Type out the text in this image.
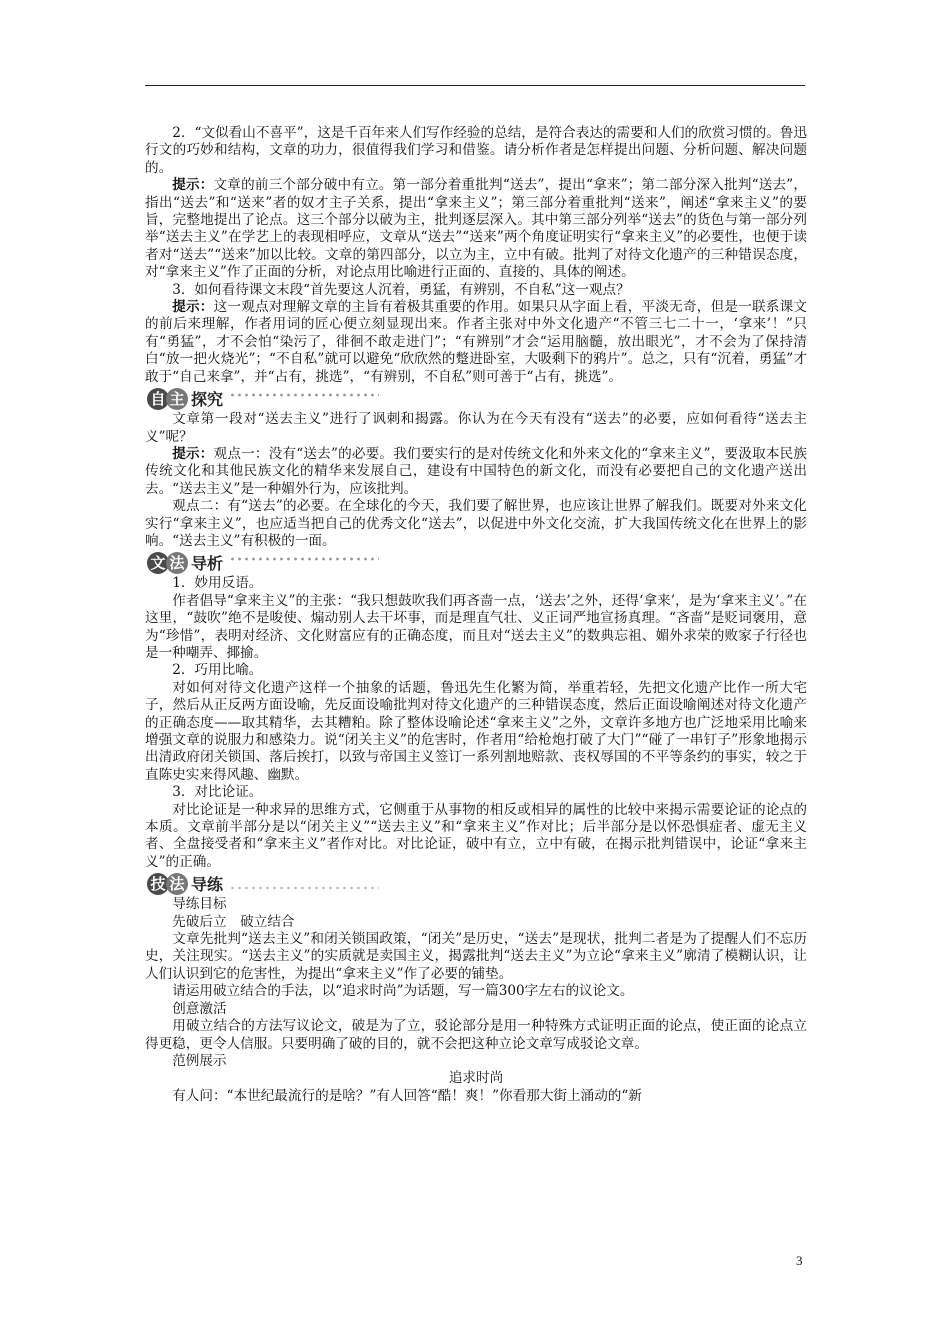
2．“文似看山不喜平”，这是千百年来人们写作经验的总结，是符合表达的需要和人们的欣赏习惯的。鲁迅行文的巧妙和结构，文章的功力，很值得我们学习和借鉴。请分析作者是怎样提出问题、分析问题、解决问题的。

提示：文章的前三个部分破中有立。第一部分着重批判“送去”，提出“拿来”；第二部分深入批判“送去”，指出“送去”和“送来”者的奴才主子关系，提出“拿来主义”；第三部分着重批判“送来”，阐述“拿来主义”的要旨，完整地提出了论点。这三个部分以破为主，批判逐层深入。其中第三部分列举“送去”的货色与第一部分列举“送去主义”在学艺上的表现相呼应，文章从“送去”“送来”两个角度证明实行“拿来主义”的必要性，也便于读者对“送去”“送来”加以比较。文章的第四部分，以立为主，立中有破。批判了对待文化遗产的三种错误态度，对“拿来主义”作了正面的分析，对论点用比喻进行正面的、直接的、具体的阐述。

3．如何看待课文末段“首先要这人沉着，勇猛，有辨别，不自私”这一观点？

提示：这一观点对理解文章的主旨有着极其重要的作用。如果只从字面上看，平淡无奇，但是一联系课文的前后来理解，作者用词的匠心便立刻显现出来。作者主张对中外文化遗产“不管三七二十一，‘拿来’！”只有“勇猛”，才不会怕“染污了，徘徊不敢走进门”；“有辨别”才会“运用脑髓，放出眼光”，才不会为了保持清白“放一把火烧光”；“不自私”就可以避免“欣欣然的蹩进卧室，大吸剩下的鸦片”。总之，只有“沉着，勇猛”才敢于“自己来拿”，并“占有，挑选”，“有辨别，不自私”则可善于“占有，挑选”。

自 主 探究

文章第一段对“送去主义”进行了讽刺和揭露。你认为在今天有没有“送去”的必要，应如何看待“送去主义”呢？

提示：观点一：没有“送去”的必要。我们要实行的是对传统文化和外来文化的“拿来主义”，要汲取本民族传统文化和其他民族文化的精华来发展自己，建设有中国特色的新文化，而没有必要把自己的文化遗产送出去。“送去主义”是一种媚外行为，应该批判。

观点二：有“送去”的必要。在全球化的今天，我们要了解世界，也应该让世界了解我们。既要对外来文化实行“拿来主义”，也应适当把自己的优秀文化“送去”，以促进中外文化交流，扩大我国传统文化在世界上的影响。“送去主义”有积极的一面。

文 法 导析

1．妙用反语。

作者倡导“拿来主义”的主张：“我只想鼓吹我们再吝啬一点，‘送去’之外，还得‘拿来’，是为‘拿来主义’。”在这里，“鼓吹”绝不是唆使、煽动别人去干坏事，而是理直气壮、义正词严地宣扬真理。“吝啬”是贬词褒用，意为“珍惜”，表明对经济、文化财富应有的正确态度，而且对“送去主义”的数典忘祖、媚外求荣的败家子行径也是一种嘲弄、揶揄。

2．巧用比喻。

对如何对待文化遗产这样一个抽象的话题，鲁迅先生化繁为简，举重若轻，先把文化遗产比作一所大宅子，然后从正反两方面设喻，先反面设喻批判对待文化遗产的三种错误态度，然后正面设喻阐述对待文化遗产的正确态度——取其精华，去其糟粕。除了整体设喻论述“拿来主义”之外，文章许多地方也广泛地采用比喻来增强文章的说服力和感染力。说“闭关主义”的危害时，作者用“给枪炮打破了大门”“碰了一串钉子”形象地揭示出清政府闭关锁国、落后挨打，以致与帝国主义签订一系列割地赔款、丧权辱国的不平等条约的事实，较之于直陈史实来得风趣、幽默。

3．对比论证。

对比论证是一种求异的思维方式，它侧重于从事物的相反或相异的属性的比较中来揭示需要论证的论点的本质。文章前半部分是以“闭关主义”“送去主义”和“拿来主义”作对比；后半部分是以怀恐惧症者、虚无主义者、全盘接受者和“拿来主义”者作对比。对比论证，破中有立，立中有破，在揭示批判错误中，论证“拿来主义”的正确。

技 法 导练

导练目标

先破后立　破立结合

文章先批判“送去主义”和闭关锁国政策，“闭关”是历史，“送去”是现状，批判二者是为了提醒人们不忘历史，关注现实。“送去主义”的实质就是卖国主义，揭露批判“送去主义”为立论“拿来主义”廓清了模糊认识，让人们认识到它的危害性，为提出“拿来主义”作了必要的铺垫。

请运用破立结合的手法，以“追求时尚”为话题，写一篇300字左右的议论文。

创意激活

用破立结合的方法写议论文，破是为了立，驳论部分是用一种特殊方式证明正面的论点，使正面的论点立得更稳，更令人信服。只要明确了破的目的，就不会把这种立论文章写成驳论文章。

范例展示

追求时尚

有人问：“本世纪最流行的是啥？”有人回答“酷！爽！”你看那大街上涌动的“新

3
